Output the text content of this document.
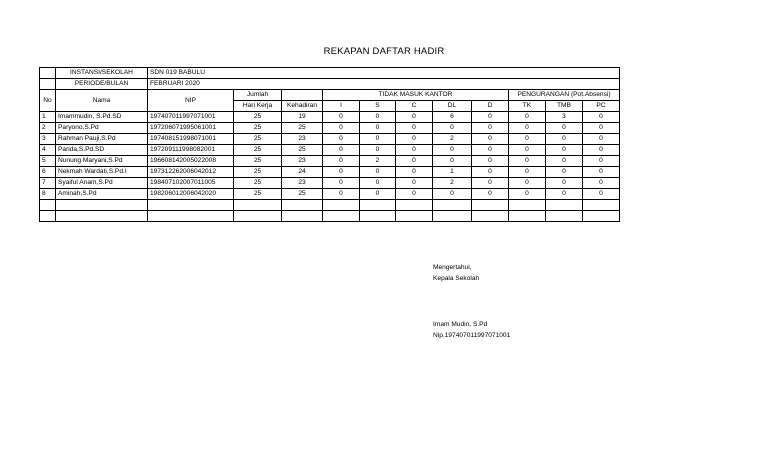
REKAPAN DAFTAR HADIR
	INSTANSI/SEKOLAH	SDN 019 BABULU										
	PERIODE/BULAN	FEBRUARI 2020										
No	Nama	NIP	Jumlah		TIDAK MASUK KANTOR					PENGURANGAN (Pot.Absensi)		
			Hari Kerja	Kehadiran	I	S	C	DL	D	TK	TMB	PC
1	Imammudin, S.Pd.SD	197407011997071001	25	19	0	0	0	6	0	0	3	0
2	Paryono,S.Pd	197206071995061001	25	25	0	0	0	0	0	0	0	0
3	Rahman Pauji,S.Pd	197408151998071001	25	23	0	0	0	2	0	0	0	0
4	Parida,S.Pd.SD	197209111998082001	25	25	0	0	0	0	0	0	0	0
5	Nunung Maryani,S.Pd	196608142005022008	25	23	0	2	0	0	0	0	0	0
6	Nekmah Wardati,S.Pd.I	197312262006042012	25	24	0	0	0	1	0	0	0	0
7	Syaiful Anam,S.Pd	198407102007011005	25	23	0	0	0	2	0	0	0	0
8	Aminah,S.Pd	198206012006042020	25	25	0	0	0	0	0	0	0	0

Mengertahui,
Kepala Sekolah
Imam Mudin, S.Pd
Nip.197407011997071001
